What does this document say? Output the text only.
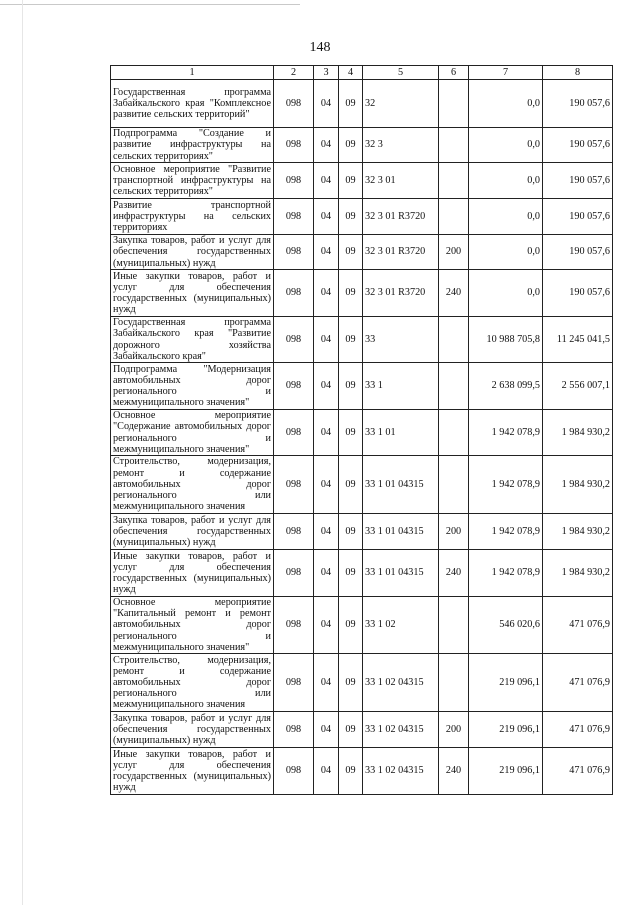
148
1	2	3	4	5	6	7	8
Государственная программа Забайкальского края "Комплексное развитие сельских территорий"	098	04	09	32		0,0	190 057,6
Подпрограмма "Создание и развитие инфраструктуры на сельских территориях"	098	04	09	32 3		0,0	190 057,6
Основное мероприятие "Развитие транспортной инфраструктуры на сельских территориях"	098	04	09	32 3 01		0,0	190 057,6
Развитие транспортной инфраструктуры на сельских территориях	098	04	09	32 3 01 R3720		0,0	190 057,6
Закупка товаров, работ и услуг для обеспечения государственных (муниципальных) нужд	098	04	09	32 3 01 R3720	200	0,0	190 057,6
Иные закупки товаров, работ и услуг для обеспечения государственных (муниципальных) нужд	098	04	09	32 3 01 R3720	240	0,0	190 057,6
Государственная программа Забайкальского края "Развитие дорожного хозяйства Забайкальского края"	098	04	09	33		10 988 705,8	11 245 041,5
Подпрограмма "Модернизация автомобильных дорог регионального и межмуниципального значения"	098	04	09	33 1		2 638 099,5	2 556 007,1
Основное мероприятие "Содержание автомобильных дорог регионального и межмуниципального значения"	098	04	09	33 1 01		1 942 078,9	1 984 930,2
Строительство, модернизация, ремонт и содержание автомобильных дорог регионального или межмуниципального значения	098	04	09	33 1 01 04315		1 942 078,9	1 984 930,2
Закупка товаров, работ и услуг для обеспечения государственных (муниципальных) нужд	098	04	09	33 1 01 04315	200	1 942 078,9	1 984 930,2
Иные закупки товаров, работ и услуг для обеспечения государственных (муниципальных) нужд	098	04	09	33 1 01 04315	240	1 942 078,9	1 984 930,2
Основное мероприятие "Капитальный ремонт и ремонт автомобильных дорог регионального и межмуниципального значения"	098	04	09	33 1 02		546 020,6	471 076,9
Строительство, модернизация, ремонт и содержание автомобильных дорог регионального или межмуниципального значения	098	04	09	33 1 02 04315		219 096,1	471 076,9
Закупка товаров, работ и услуг для обеспечения государственных (муниципальных) нужд	098	04	09	33 1 02 04315	200	219 096,1	471 076,9
Иные закупки товаров, работ и услуг для обеспечения государственных (муниципальных) нужд	098	04	09	33 1 02 04315	240	219 096,1	471 076,9
